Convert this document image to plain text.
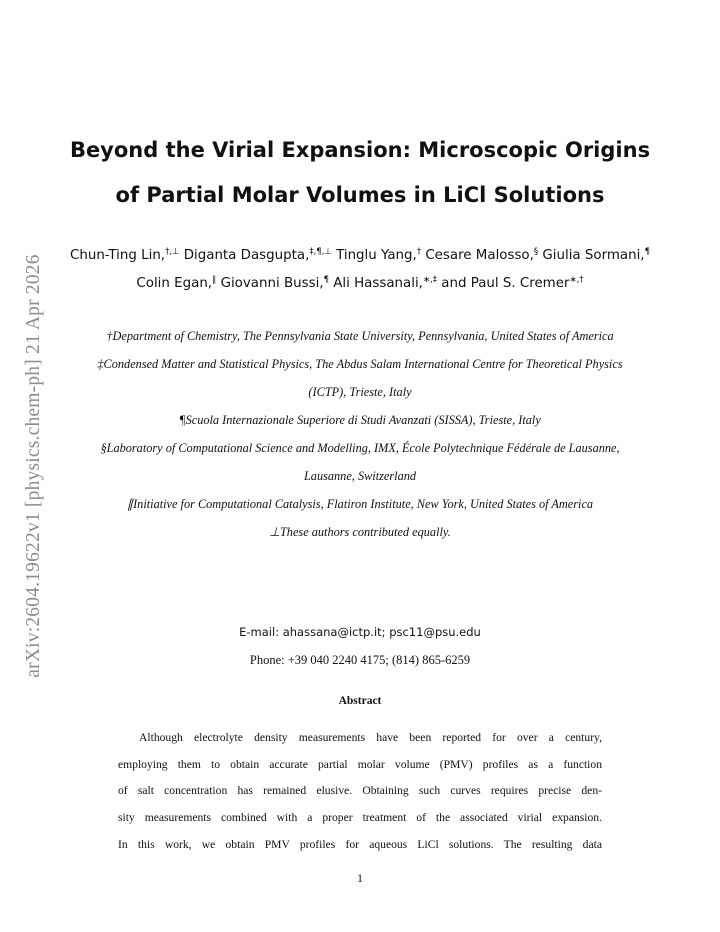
arXiv:2604.19622v1 [physics.chem-ph] 21 Apr 2026
Beyond the Virial Expansion: Microscopic Origins
of Partial Molar Volumes in LiCl Solutions

Chun-Ting Lin,†,⊥ Diganta Dasgupta,‡,¶,⊥ Tinglu Yang,† Cesare Malosso,§ Giulia Sormani,¶ Colin Egan,∥ Giovanni Bussi,¶ Ali Hassanali,∗,‡ and Paul S. Cremer∗,†

†Department of Chemistry, The Pennsylvania State University, Pennsylvania, United States of America

‡Condensed Matter and Statistical Physics, The Abdus Salam International Centre for Theoretical Physics (ICTP), Trieste, Italy

¶Scuola Internazionale Superiore di Studi Avanzati (SISSA), Trieste, Italy

§Laboratory of Computational Science and Modelling, IMX, École Polytechnique Fédérale de Lausanne, Lausanne, Switzerland

∥Initiative for Computational Catalysis, Flatiron Institute, New York, United States of America

⊥These authors contributed equally.

E-mail: ahassana@ictp.it; psc11@psu.edu
Phone: +39 040 2240 4175; (814) 865-6259
Abstract

Although electrolyte density measurements have been reported for over a century,
employing them to obtain accurate partial molar volume (PMV) profiles as a function
of salt concentration has remained elusive. Obtaining such curves requires precise den-
sity measurements combined with a proper treatment of the associated virial expansion.
In this work, we obtain PMV profiles for aqueous LiCl solutions. The resulting data

1
